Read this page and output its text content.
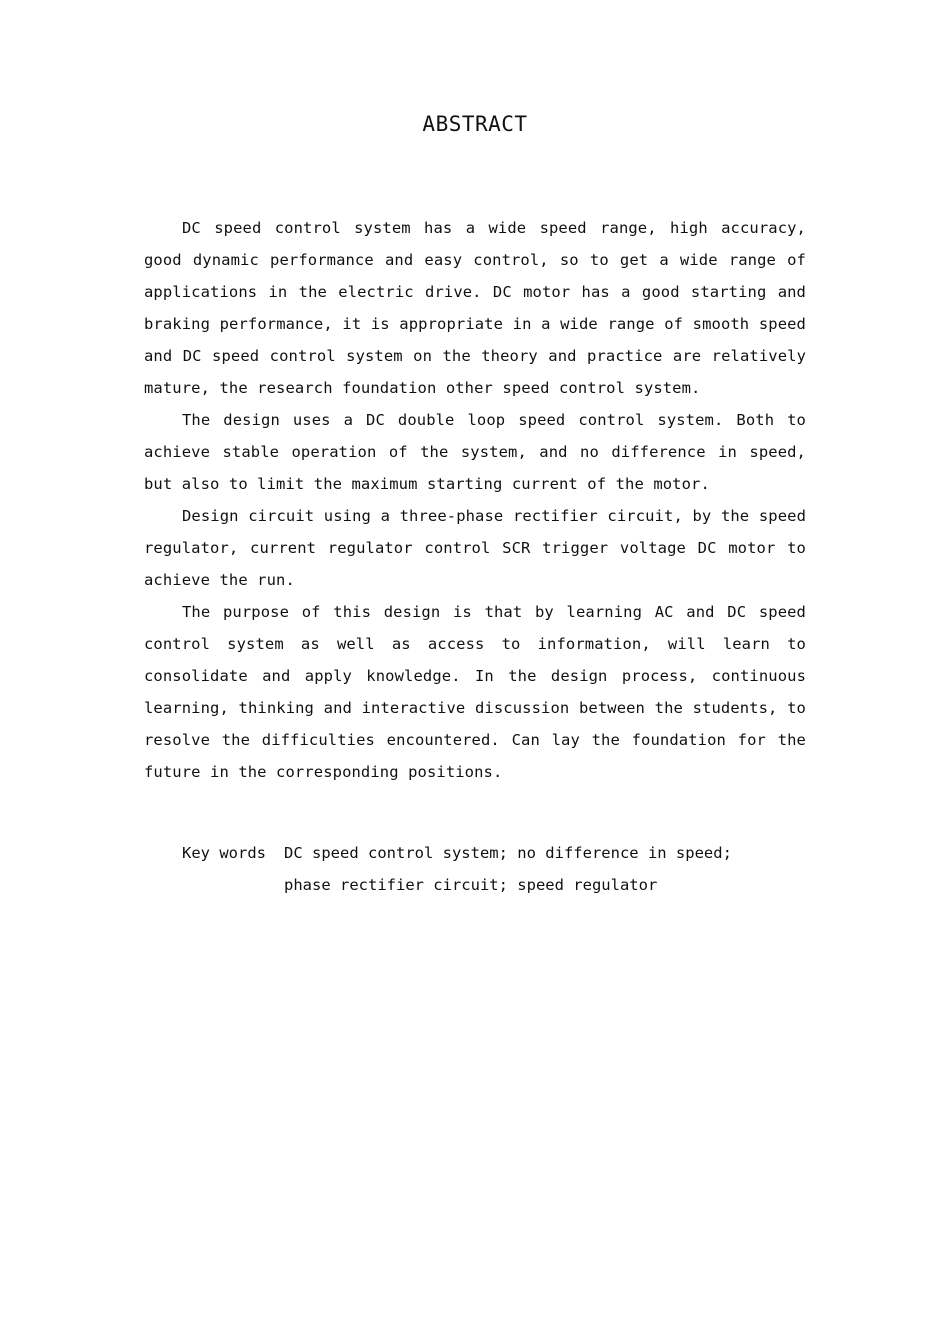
ABSTRACT

DC speed control system has a wide speed range, high accuracy, good dynamic performance and easy control, so to get a wide range of applications in the electric drive. DC motor has a good starting and braking performance, it is appropriate in a wide range of smooth speed and DC speed control system on the theory and practice are relatively mature, the research foundation other speed control system.

The design uses a DC double loop speed control system. Both to achieve stable operation of the system, and no difference in speed, but also to limit the maximum starting current of the motor.

Design circuit using a three-phase rectifier circuit, by the speed regulator, current regulator control SCR trigger voltage DC motor to achieve the run.

The purpose of this design is that by learning AC and DC speed control system as well as access to information, will learn to consolidate and apply knowledge. In the design process, continuous learning, thinking and interactive discussion between the students, to resolve the difficulties encountered. Can lay the foundation for the future in the corresponding positions.

Key words	DC speed control system; no difference in speed;
phase rectifier circuit; speed regulator
